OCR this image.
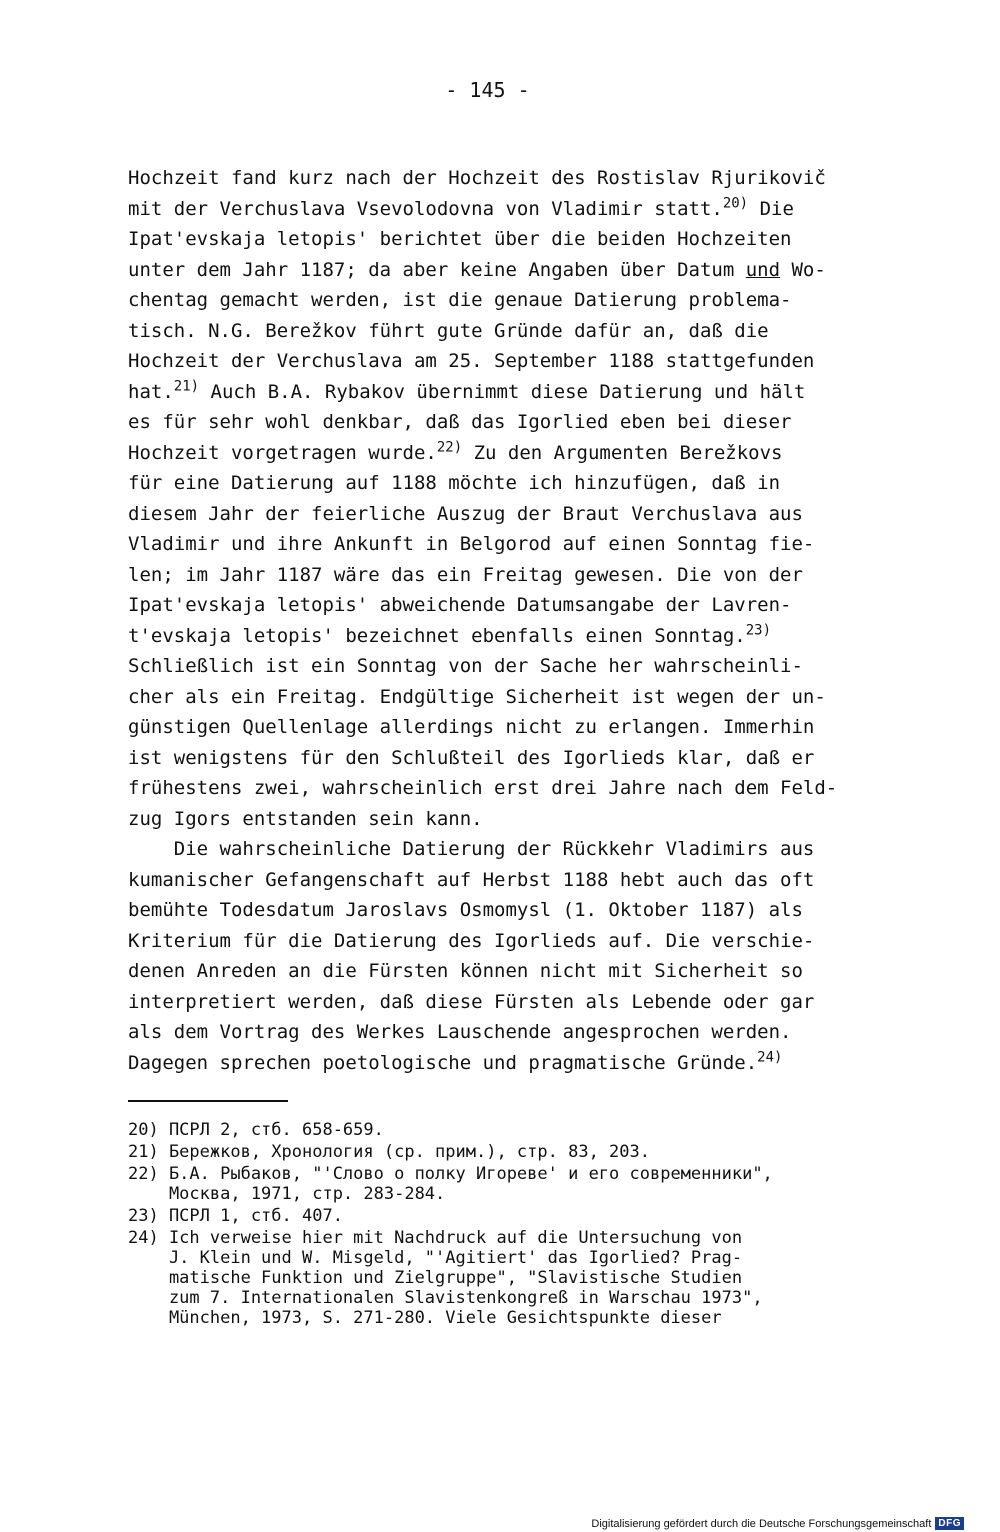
- 145 -
Hochzeit fand kurz nach der Hochzeit des Rostislav Rjurikovič
mit der Verchuslava Vsevolodovna von Vladimir statt.$^{20)}$ Die
Ipat'evskaja letopis' berichtet über die beiden Hochzeiten
unter dem Jahr 1187; da aber keine Angaben über Datum und Wo-
chentag gemacht werden, ist die genaue Datierung problema-
tisch. N.G. Berežkov führt gute Gründe dafür an, daß die
Hochzeit der Verchuslava am 25. September 1188 stattgefunden
hat.$^{21)}$ Auch B.A. Rybakov übernimmt diese Datierung und hält
es für sehr wohl denkbar, daß das Igorlied eben bei dieser
Hochzeit vorgetragen wurde.$^{22)}$ Zu den Argumenten Berežkovs
für eine Datierung auf 1188 möchte ich hinzufügen, daß in
diesem Jahr der feierliche Auszug der Braut Verchuslava aus
Vladimir und ihre Ankunft in Belgorod auf einen Sonntag fie-
len; im Jahr 1187 wäre das ein Freitag gewesen. Die von der
Ipat'evskaja letopis' abweichende Datumsangabe der Lavren-
t'evskaja letopis' bezeichnet ebenfalls einen Sonntag.$^{23)}$
Schließlich ist ein Sonntag von der Sache her wahrscheinli-
cher als ein Freitag. Endgültige Sicherheit ist wegen der un-
günstigen Quellenlage allerdings nicht zu erlangen. Immerhin
ist wenigstens für den Schlußteil des Igorlieds klar, daß er
frühestens zwei, wahrscheinlich erst drei Jahre nach dem Feld-
zug Igors entstanden sein kann.
Die wahrscheinliche Datierung der Rückkehr Vladimirs aus
kumanischer Gefangenschaft auf Herbst 1188 hebt auch das oft
bemühte Todesdatum Jaroslavs Osmomysl (1. Oktober 1187) als
Kriterium für die Datierung des Igorlieds auf. Die verschie-
denen Anreden an die Fürsten können nicht mit Sicherheit so
interpretiert werden, daß diese Fürsten als Lebende oder gar
als dem Vortrag des Werkes Lauschende angesprochen werden.
Dagegen sprechen poetologische und pragmatische Gründe.$^{24)}$
20) ПСРЛ 2, стб. 658-659.
21) Бережков, Хронология (ср. прим.), стр. 83, 203.
22) Б.А. Рыбаков, "'Слово о полку Игореве' и его современники",
Москва, 1971, стр. 283-284.
23) ПСРЛ 1, стб. 407.
24) Ich verweise hier mit Nachdruck auf die Untersuchung von
J. Klein und W. Misgeld, "'Agitiert' das Igorlied? Prag-
matische Funktion und Zielgruppe", "Slavistische Studien
zum 7. Internationalen Slavistenkongreß in Warschau 1973",
München, 1973, S. 271-280. Viele Gesichtspunkte dieser
Digitalisierung gefördert durch die Deutsche Forschungsgemeinschaft DFG
